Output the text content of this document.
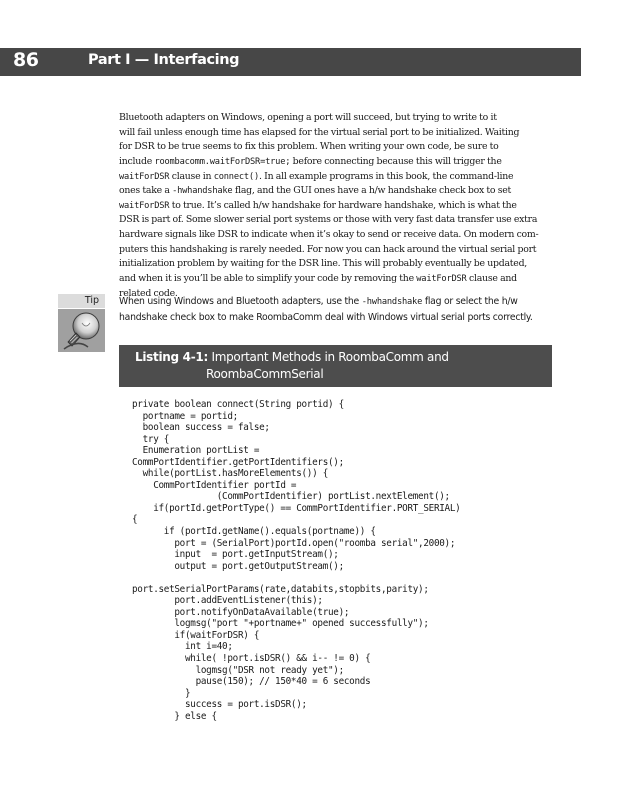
86	Part I — Interfacing
Bluetooth adapters on Windows, opening a port will succeed, but trying to write to it
will fail unless enough time has elapsed for the virtual serial port to be initialized. Waiting
for DSR to be true seems to fix this problem. When writing your own code, be sure to
include roombacomm.waitForDSR=true; before connecting because this will trigger the
waitForDSR clause in connect(). In all example programs in this book, the command-line
ones take a -hwhandshake flag, and the GUI ones have a h/w handshake check box to set
waitForDSR to true. It’s called h/w handshake for hardware handshake, which is what the
DSR is part of. Some slower serial port systems or those with very fast data transfer use extra
hardware signals like DSR to indicate when it’s okay to send or receive data. On modern com-
puters this handshaking is rarely needed. For now you can hack around the virtual serial port
initialization problem by waiting for the DSR line. This will probably eventually be updated,
and when it is you’ll be able to simplify your code by removing the waitForDSR clause and
related code.
Tip	When using Windows and Bluetooth adapters, use the -hwhandshake flag or select the h/w
handshake check box to make RoombaComm deal with Windows virtual serial ports correctly.
Listing 4-1: Important Methods in RoombaComm and
RoombaCommSerial
private boolean connect(String portid) {
portname = portid;
boolean success = false;
try {
Enumeration portList =
CommPortIdentifier.getPortIdentifiers();
while(portList.hasMoreElements()) {
CommPortIdentifier portId =
(CommPortIdentifier) portList.nextElement();
if(portId.getPortType() == CommPortIdentifier.PORT_SERIAL)
{
if (portId.getName().equals(portname)) {
port = (SerialPort)portId.open("roomba serial",2000);
input  = port.getInputStream();
output = port.getOutputStream();
port.setSerialPortParams(rate,databits,stopbits,parity);
port.addEventListener(this);
port.notifyOnDataAvailable(true);
logmsg("port "+portname+" opened successfully");
if(waitForDSR) {
int i=40;
while( !port.isDSR() && i-- != 0) {
logmsg("DSR not ready yet");
pause(150); // 150*40 = 6 seconds
}
success = port.isDSR();
} else {
